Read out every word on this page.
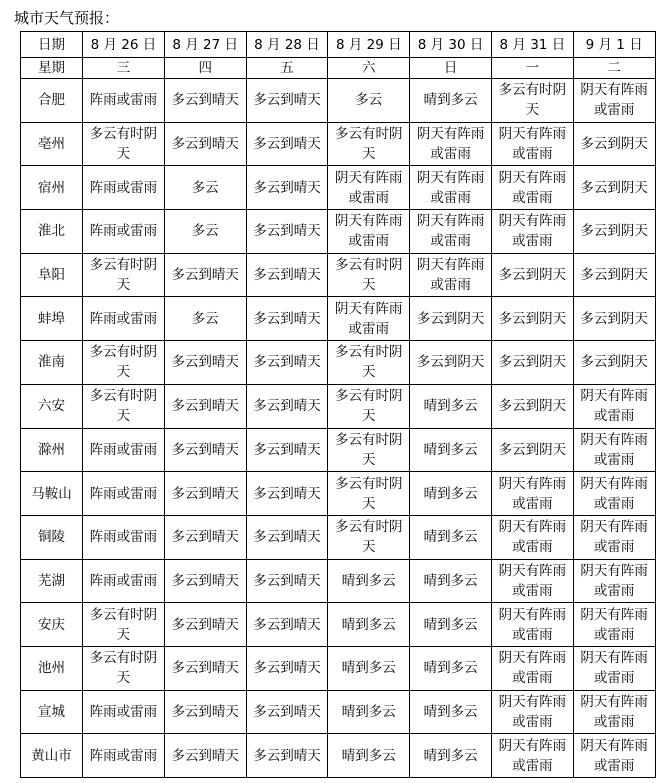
城市天气预报：
日期	8 月 26 日	8 月 27 日	8 月 28 日	8 月 29 日	8 月 30 日	8 月 31 日	9 月 1 日
星期	三	四	五	六	日	一	二
合肥	阵雨或雷雨	多云到晴天	多云到晴天	多云	晴到多云	多云有时阴天	阴天有阵雨或雷雨

亳州	多云有时阴天	多云到晴天	多云到晴天	多云有时阴天	阴天有阵雨或雷雨	阴天有阵雨或雷雨	多云到阴天

宿州	阵雨或雷雨	多云	多云到晴天	阴天有阵雨或雷雨	阴天有阵雨或雷雨	阴天有阵雨或雷雨	多云到阴天

淮北	阵雨或雷雨	多云	多云到晴天	阴天有阵雨或雷雨	阴天有阵雨或雷雨	阴天有阵雨或雷雨	多云到阴天

阜阳	多云有时阴天	多云到晴天	多云到晴天	多云有时阴天	阴天有阵雨或雷雨	多云到阴天	多云到阴天

蚌埠	阵雨或雷雨	多云	多云到晴天	阴天有阵雨或雷雨	多云到阴天	多云到阴天	多云到阴天

淮南	多云有时阴天	多云到晴天	多云到晴天	多云有时阴天	多云到阴天	多云到阴天	多云到阴天

六安	多云有时阴天	多云到晴天	多云到晴天	多云有时阴天	晴到多云	多云到阴天	阴天有阵雨或雷雨

滁州	阵雨或雷雨	多云到晴天	多云到晴天	多云有时阴天	晴到多云	多云到阴天	阴天有阵雨或雷雨

马鞍山	阵雨或雷雨	多云到晴天	多云到晴天	多云有时阴天	晴到多云	阴天有阵雨或雷雨	阴天有阵雨或雷雨

铜陵	阵雨或雷雨	多云到晴天	多云到晴天	多云有时阴天	晴到多云	阴天有阵雨或雷雨	阴天有阵雨或雷雨

芜湖	阵雨或雷雨	多云到晴天	多云到晴天	晴到多云	晴到多云	阴天有阵雨或雷雨	阴天有阵雨或雷雨

安庆	多云有时阴天	多云到晴天	多云到晴天	晴到多云	晴到多云	阴天有阵雨或雷雨	阴天有阵雨或雷雨

池州	多云有时阴天	多云到晴天	多云到晴天	晴到多云	晴到多云	阴天有阵雨或雷雨	阴天有阵雨或雷雨

宣城	阵雨或雷雨	多云到晴天	多云到晴天	晴到多云	晴到多云	阴天有阵雨或雷雨	阴天有阵雨或雷雨

黄山市	阵雨或雷雨	多云到晴天	多云到晴天	晴到多云	晴到多云	阴天有阵雨或雷雨	阴天有阵雨或雷雨
